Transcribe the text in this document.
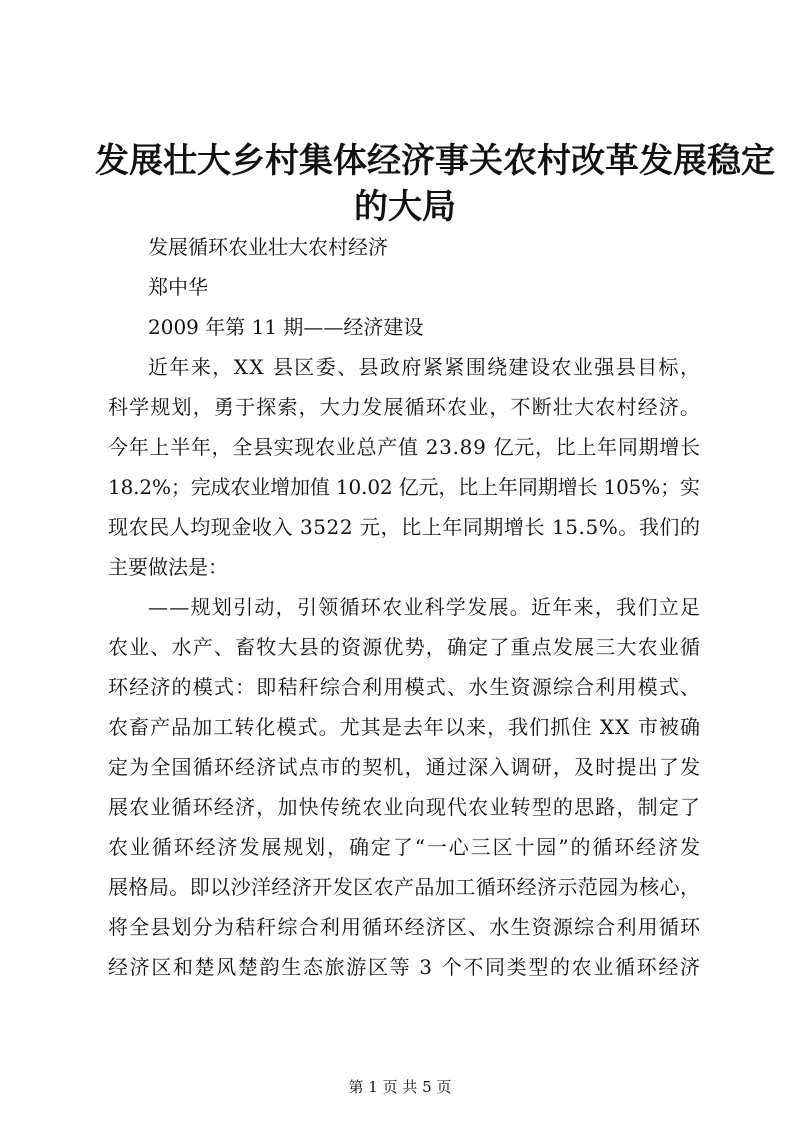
发展壮大乡村集体经济事关农村改革发展稳定
的大局
发展循环农业壮大农村经济
郑中华
2009 年第 11 期——经济建设
近年来，XX 县区委、县政府紧紧围绕建设农业强县目标，
科学规划，勇于探索，大力发展循环农业，不断壮大农村经济。
今年上半年，全县实现农业总产值 23.89 亿元，比上年同期增长
18.2%；完成农业增加值 10.02 亿元，比上年同期增长 105%；实
现农民人均现金收入 3522 元，比上年同期增长 15.5%。我们的
主要做法是：
——规划引动，引领循环农业科学发展。近年来，我们立足
农业、水产、畜牧大县的资源优势，确定了重点发展三大农业循
环经济的模式：即秸秆综合利用模式、水生资源综合利用模式、
农畜产品加工转化模式。尤其是去年以来，我们抓住 XX 市被确
定为全国循环经济试点市的契机，通过深入调研，及时提出了发
展农业循环经济，加快传统农业向现代农业转型的思路，制定了
农业循环经济发展规划，确定了“一心三区十园”的循环经济发
展格局。即以沙洋经济开发区农产品加工循环经济示范园为核心，
将全县划分为秸秆综合利用循环经济区、水生资源综合利用循环
经济区和楚风楚韵生态旅游区等 3 个不同类型的农业循环经济
第 1 页 共 5 页
